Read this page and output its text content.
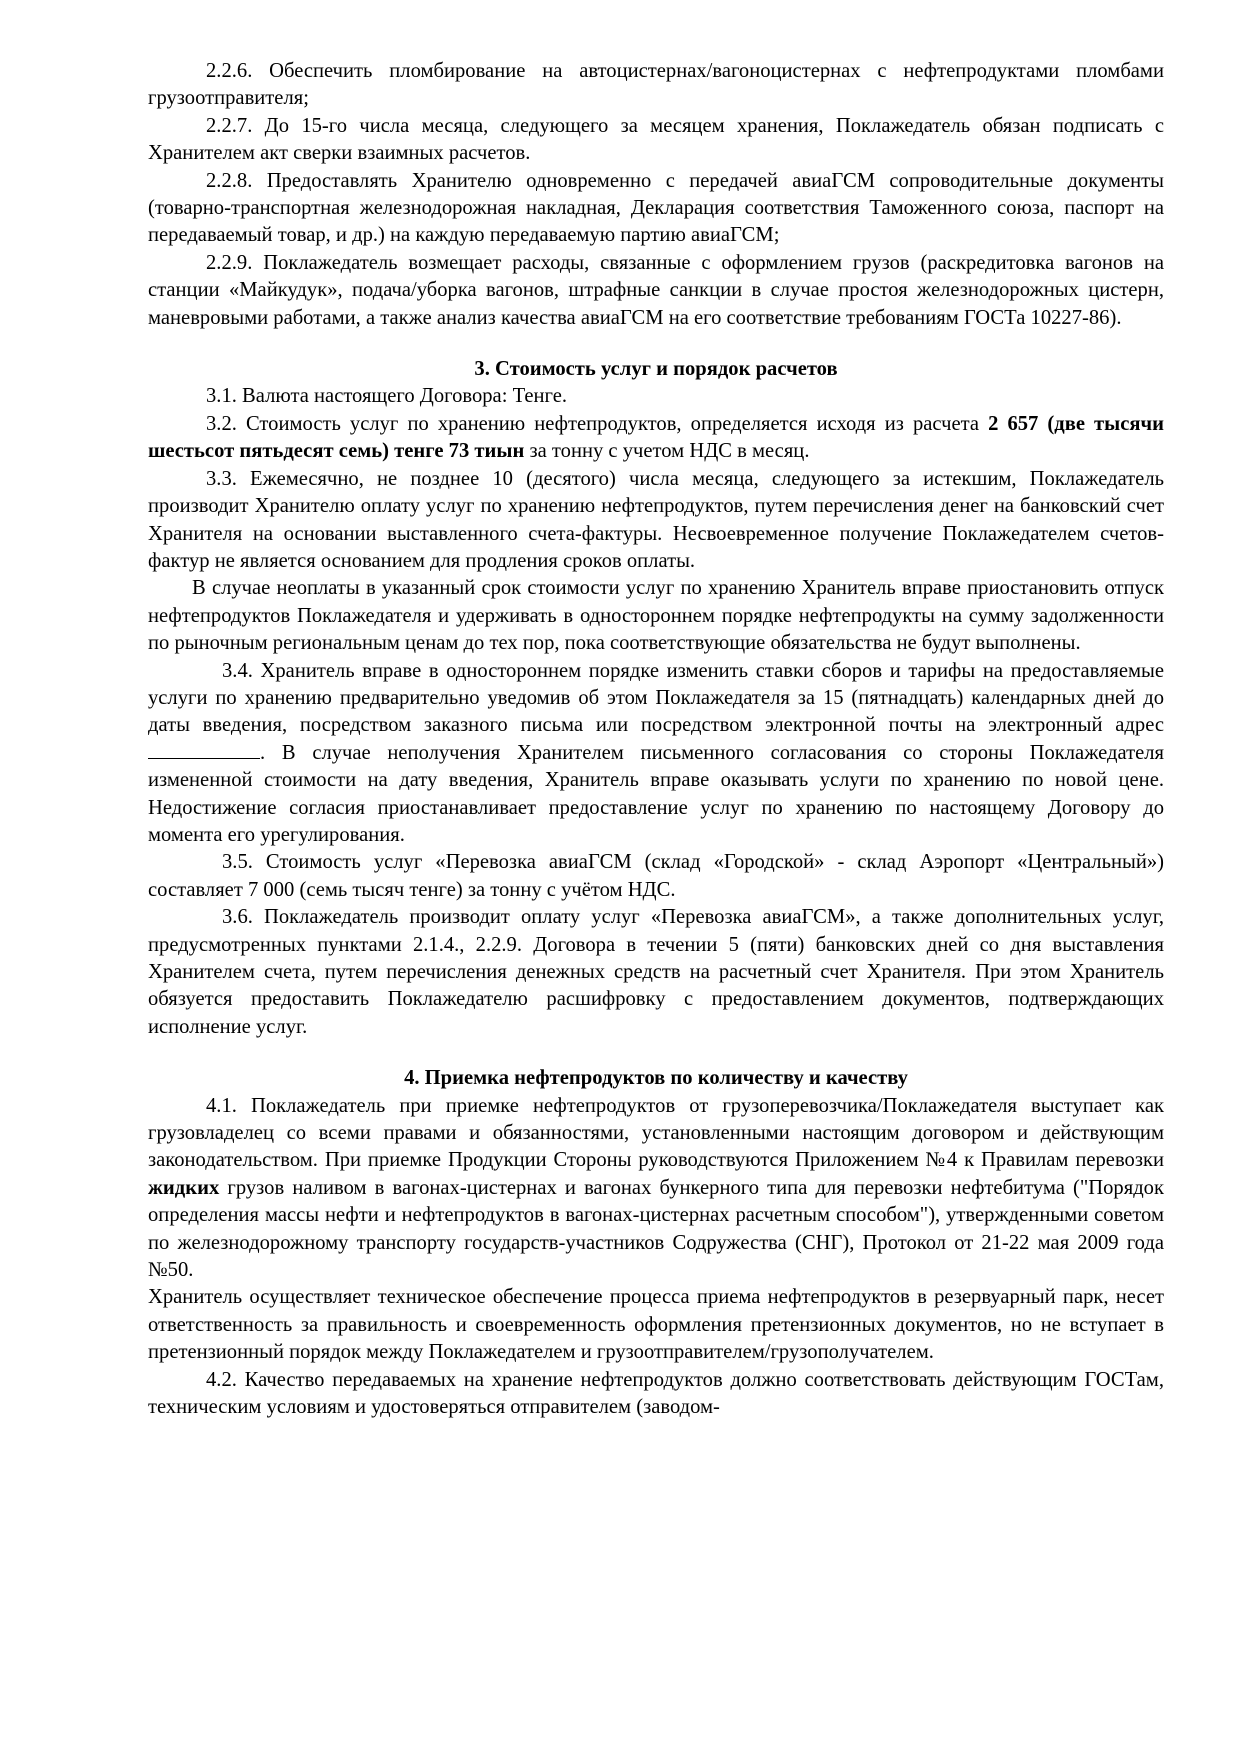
2.2.6. Обеспечить пломбирование на автоцистернах/вагоноцистернах с нефтепродуктами пломбами грузоотправителя;

2.2.7. До 15-го числа месяца, следующего за месяцем хранения, Поклажедатель обязан подписать с Хранителем акт сверки взаимных расчетов.

2.2.8. Предоставлять Хранителю одновременно с передачей авиаГСМ сопроводительные документы (товарно-транспортная железнодорожная накладная, Декларация соответствия Таможенного союза, паспорт на передаваемый товар, и др.) на каждую передаваемую партию авиаГСМ;

2.2.9. Поклажедатель возмещает расходы, связанные с оформлением грузов (раскредитовка вагонов на станции «Майкудук», подача/уборка вагонов, штрафные санкции в случае простоя железнодорожных цистерн, маневровыми работами, а также анализ качества авиаГСМ на его соответствие требованиям ГОСТа 10227-86).

3. Стоимость услуг и порядок расчетов

3.1. Валюта настоящего Договора: Тенге.

3.2. Стоимость услуг по хранению нефтепродуктов, определяется исходя из расчета 2 657 (две тысячи шестьсот пятьдесят семь) тенге 73 тиын за тонну с учетом НДС в месяц.

3.3. Ежемесячно, не позднее 10 (десятого) числа месяца, следующего за истекшим, Поклажедатель производит Хранителю оплату услуг по хранению нефтепродуктов, путем перечисления денег на банковский счет Хранителя на основании выставленного счета-фактуры. Несвоевременное получение Поклажедателем счетов-фактур не является основанием для продления сроков оплаты.

В случае неоплаты в указанный срок стоимости услуг по хранению Хранитель вправе приостановить отпуск нефтепродуктов Поклажедателя и удерживать в одностороннем порядке нефтепродукты на сумму задолженности по рыночным региональным ценам до тех пор, пока соответствующие обязательства не будут выполнены.

3.4. Хранитель вправе в одностороннем порядке изменить ставки сборов и тарифы на предоставляемые услуги по хранению предварительно уведомив об этом Поклажедателя за 15 (пятнадцать) календарных дней до даты введения, посредством заказного письма или посредством электронной почты на электронный адрес . В случае неполучения Хранителем письменного согласования со стороны Поклажедателя измененной стоимости на дату введения, Хранитель вправе оказывать услуги по хранению по новой цене. Недостижение согласия приостанавливает предоставление услуг по хранению по настоящему Договору до момента его урегулирования.

3.5. Стоимость услуг «Перевозка авиаГСМ (склад «Городской» - склад Аэропорт «Центральный») составляет 7 000 (семь тысяч тенге) за тонну с учётом НДС.

3.6. Поклажедатель производит оплату услуг «Перевозка авиаГСМ», а также дополнительных услуг, предусмотренных пунктами 2.1.4., 2.2.9. Договора в течении 5 (пяти) банковских дней со дня выставления Хранителем счета, путем перечисления денежных средств на расчетный счет Хранителя. При этом Хранитель обязуется предоставить Поклажедателю расшифровку с предоставлением документов, подтверждающих исполнение услуг.

4. Приемка нефтепродуктов по количеству и качеству

4.1. Поклажедатель при приемке нефтепродуктов от грузоперевозчика/Поклажедателя выступает как грузовладелец со всеми правами и обязанностями, установленными настоящим договором и действующим законодательством. При приемке Продукции Стороны руководствуются Приложением №4 к Правилам перевозки жидких грузов наливом в вагонах-цистернах и вагонах бункерного типа для перевозки нефтебитума ("Порядок определения массы нефти и нефтепродуктов в вагонах-цистернах расчетным способом"), утвержденными советом по железнодорожному транспорту государств-участников Содружества (СНГ), Протокол от 21-22 мая 2009 года №50.

Хранитель осуществляет техническое обеспечение процесса приема нефтепродуктов в резервуарный парк, несет ответственность за правильность и своевременность оформления претензионных документов, но не вступает в претензионный порядок между Поклажедателем и грузоотправителем/грузополучателем.

4.2. Качество передаваемых на хранение нефтепродуктов должно соответствовать действующим ГОСТам, техническим условиям и удостоверяться отправителем (заводом-
